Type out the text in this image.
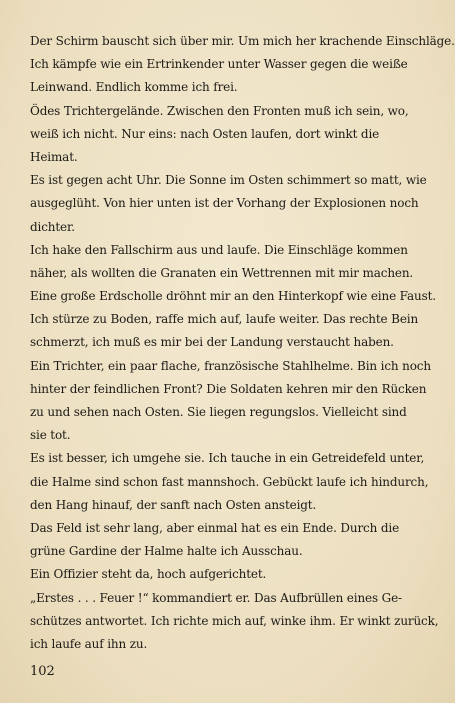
Der Schirm bauscht sich über mir. Um mich her krachende Einschläge.
Ich kämpfe wie ein Ertrinkender unter Wasser gegen die weiße
Leinwand. Endlich komme ich frei.
Ödes Trichtergelände. Zwischen den Fronten muß ich sein, wo,
weiß ich nicht. Nur eins: nach Osten laufen, dort winkt die
Heimat.
Es ist gegen acht Uhr. Die Sonne im Osten schimmert so matt, wie
ausgeglüht. Von hier unten ist der Vorhang der Explosionen noch
dichter.
Ich hake den Fallschirm aus und laufe. Die Einschläge kommen
näher, als wollten die Granaten ein Wettrennen mit mir machen.
Eine große Erdscholle dröhnt mir an den Hinterkopf wie eine Faust.
Ich stürze zu Boden, raffe mich auf, laufe weiter. Das rechte Bein
schmerzt, ich muß es mir bei der Landung verstaucht haben.
Ein Trichter, ein paar flache, französische Stahlhelme. Bin ich noch
hinter der feindlichen Front? Die Soldaten kehren mir den Rücken
zu und sehen nach Osten. Sie liegen regungslos. Vielleicht sind
sie tot.
Es ist besser, ich umgehe sie. Ich tauche in ein Getreidefeld unter,
die Halme sind schon fast mannshoch. Gebückt laufe ich hindurch,
den Hang hinauf, der sanft nach Osten ansteigt.
Das Feld ist sehr lang, aber einmal hat es ein Ende. Durch die
grüne Gardine der Halme halte ich Ausschau.
Ein Offizier steht da, hoch aufgerichtet.
„Erstes . . . Feuer !“ kommandiert er. Das Aufbrüllen eines Ge-
schützes antwortet. Ich richte mich auf, winke ihm. Er winkt zurück,
ich laufe auf ihn zu.
102
